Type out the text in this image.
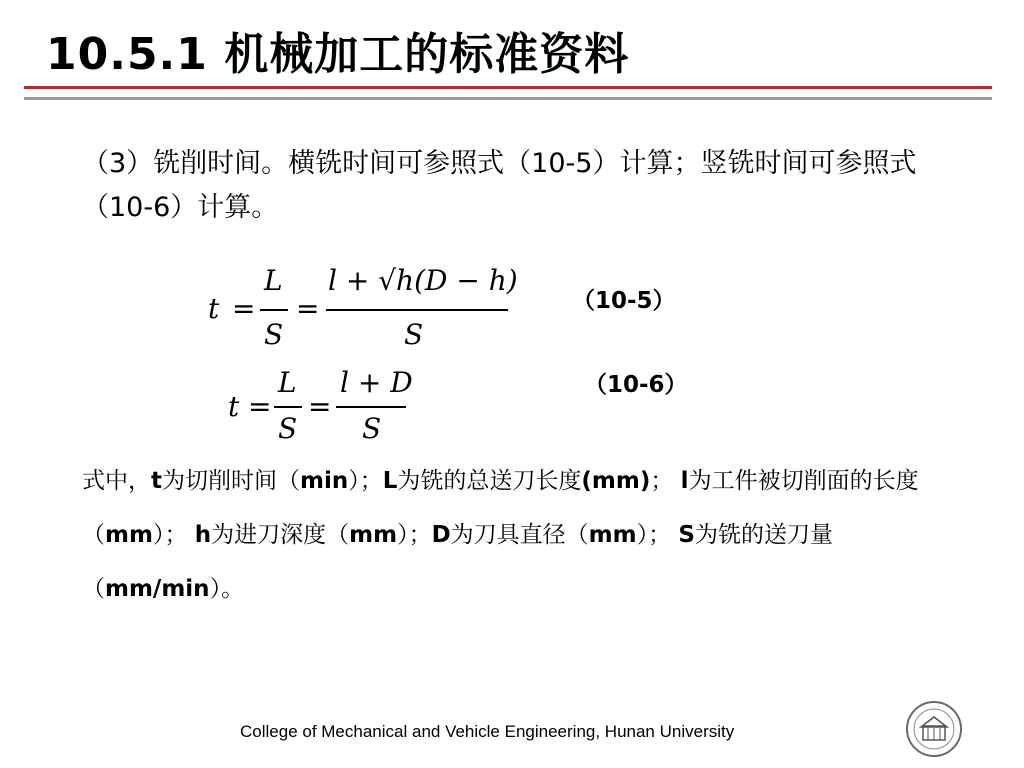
10.5.1 机械加工的标准资料
（3）铣削时间。横铣时间可参照式（10-5）计算；竖铣时间可参照式（10-6）计算。
t =
L
S
=
l + √h(D − h)
S
（10-5）
t =
L
S
=
l + D
S
（10-6）
式中，t为切削时间（min）；L为铣的总送刀长度(mm)； l为工件被切削面的长度（mm）； h为进刀深度（mm）；D为刀具直径（mm）； S为铣的送刀量（mm/min）。
College of Mechanical and Vehicle Engineering, Hunan University
